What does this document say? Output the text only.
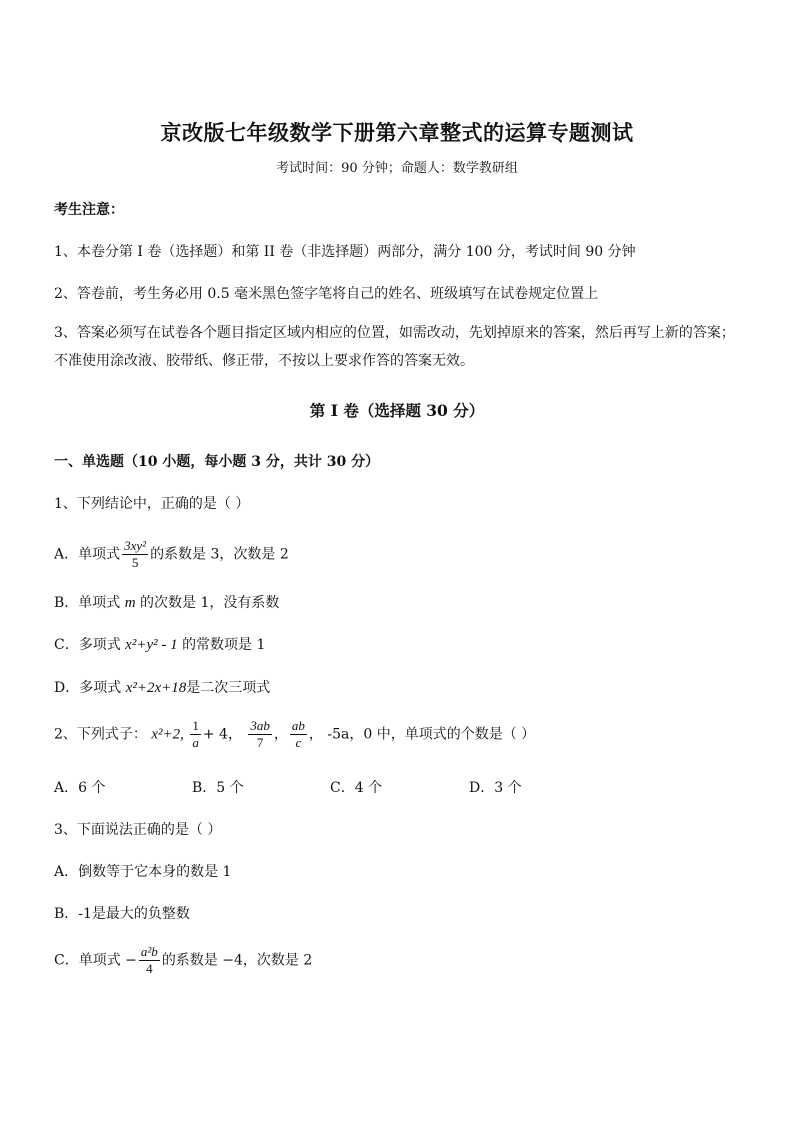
京改版七年级数学下册第六章整式的运算专题测试
考试时间：90 分钟；命题人：数学教研组
考生注意：
1、本卷分第 I 卷（选择题）和第 II 卷（非选择题）两部分，满分 100 分，考试时间 90 分钟
2、答卷前，考生务必用 0.5 毫米黑色签字笔将自己的姓名、班级填写在试卷规定位置上
3、答案必须写在试卷各个题目指定区域内相应的位置，如需改动，先划掉原来的答案，然后再写上新的答案；不准使用涂改液、胶带纸、修正带，不按以上要求作答的答案无效。
第 I 卷（选择题 30 分）
一、单选题（10 小题，每小题 3 分，共计 30 分）
1、下列结论中，正确的是（ ）
A．单项式 $\frac{\text{3xy²}}{5}$ 的系数是 3，次数是 2
B．单项式 m 的次数是 1，没有系数
C．多项式 x²+y² - 1 的常数项是 1
D．多项式 x²+2x+18是二次三项式
2、下列式子： x²+2, $\frac{1}{a} + 4$， $\frac{3ab}{7}$ ， $\frac{ab}{c}$ ， -5a，0 中，单项式的个数是（ ）
A．6 个	B．5 个	C．4 个	D．3 个
3、下面说法正确的是（ ）
A．倒数等于它本身的数是 1
B．-1是最大的负整数
C．单项式 − $\frac{\text{a²b}}{4}$ 的系数是 −4，次数是 2
